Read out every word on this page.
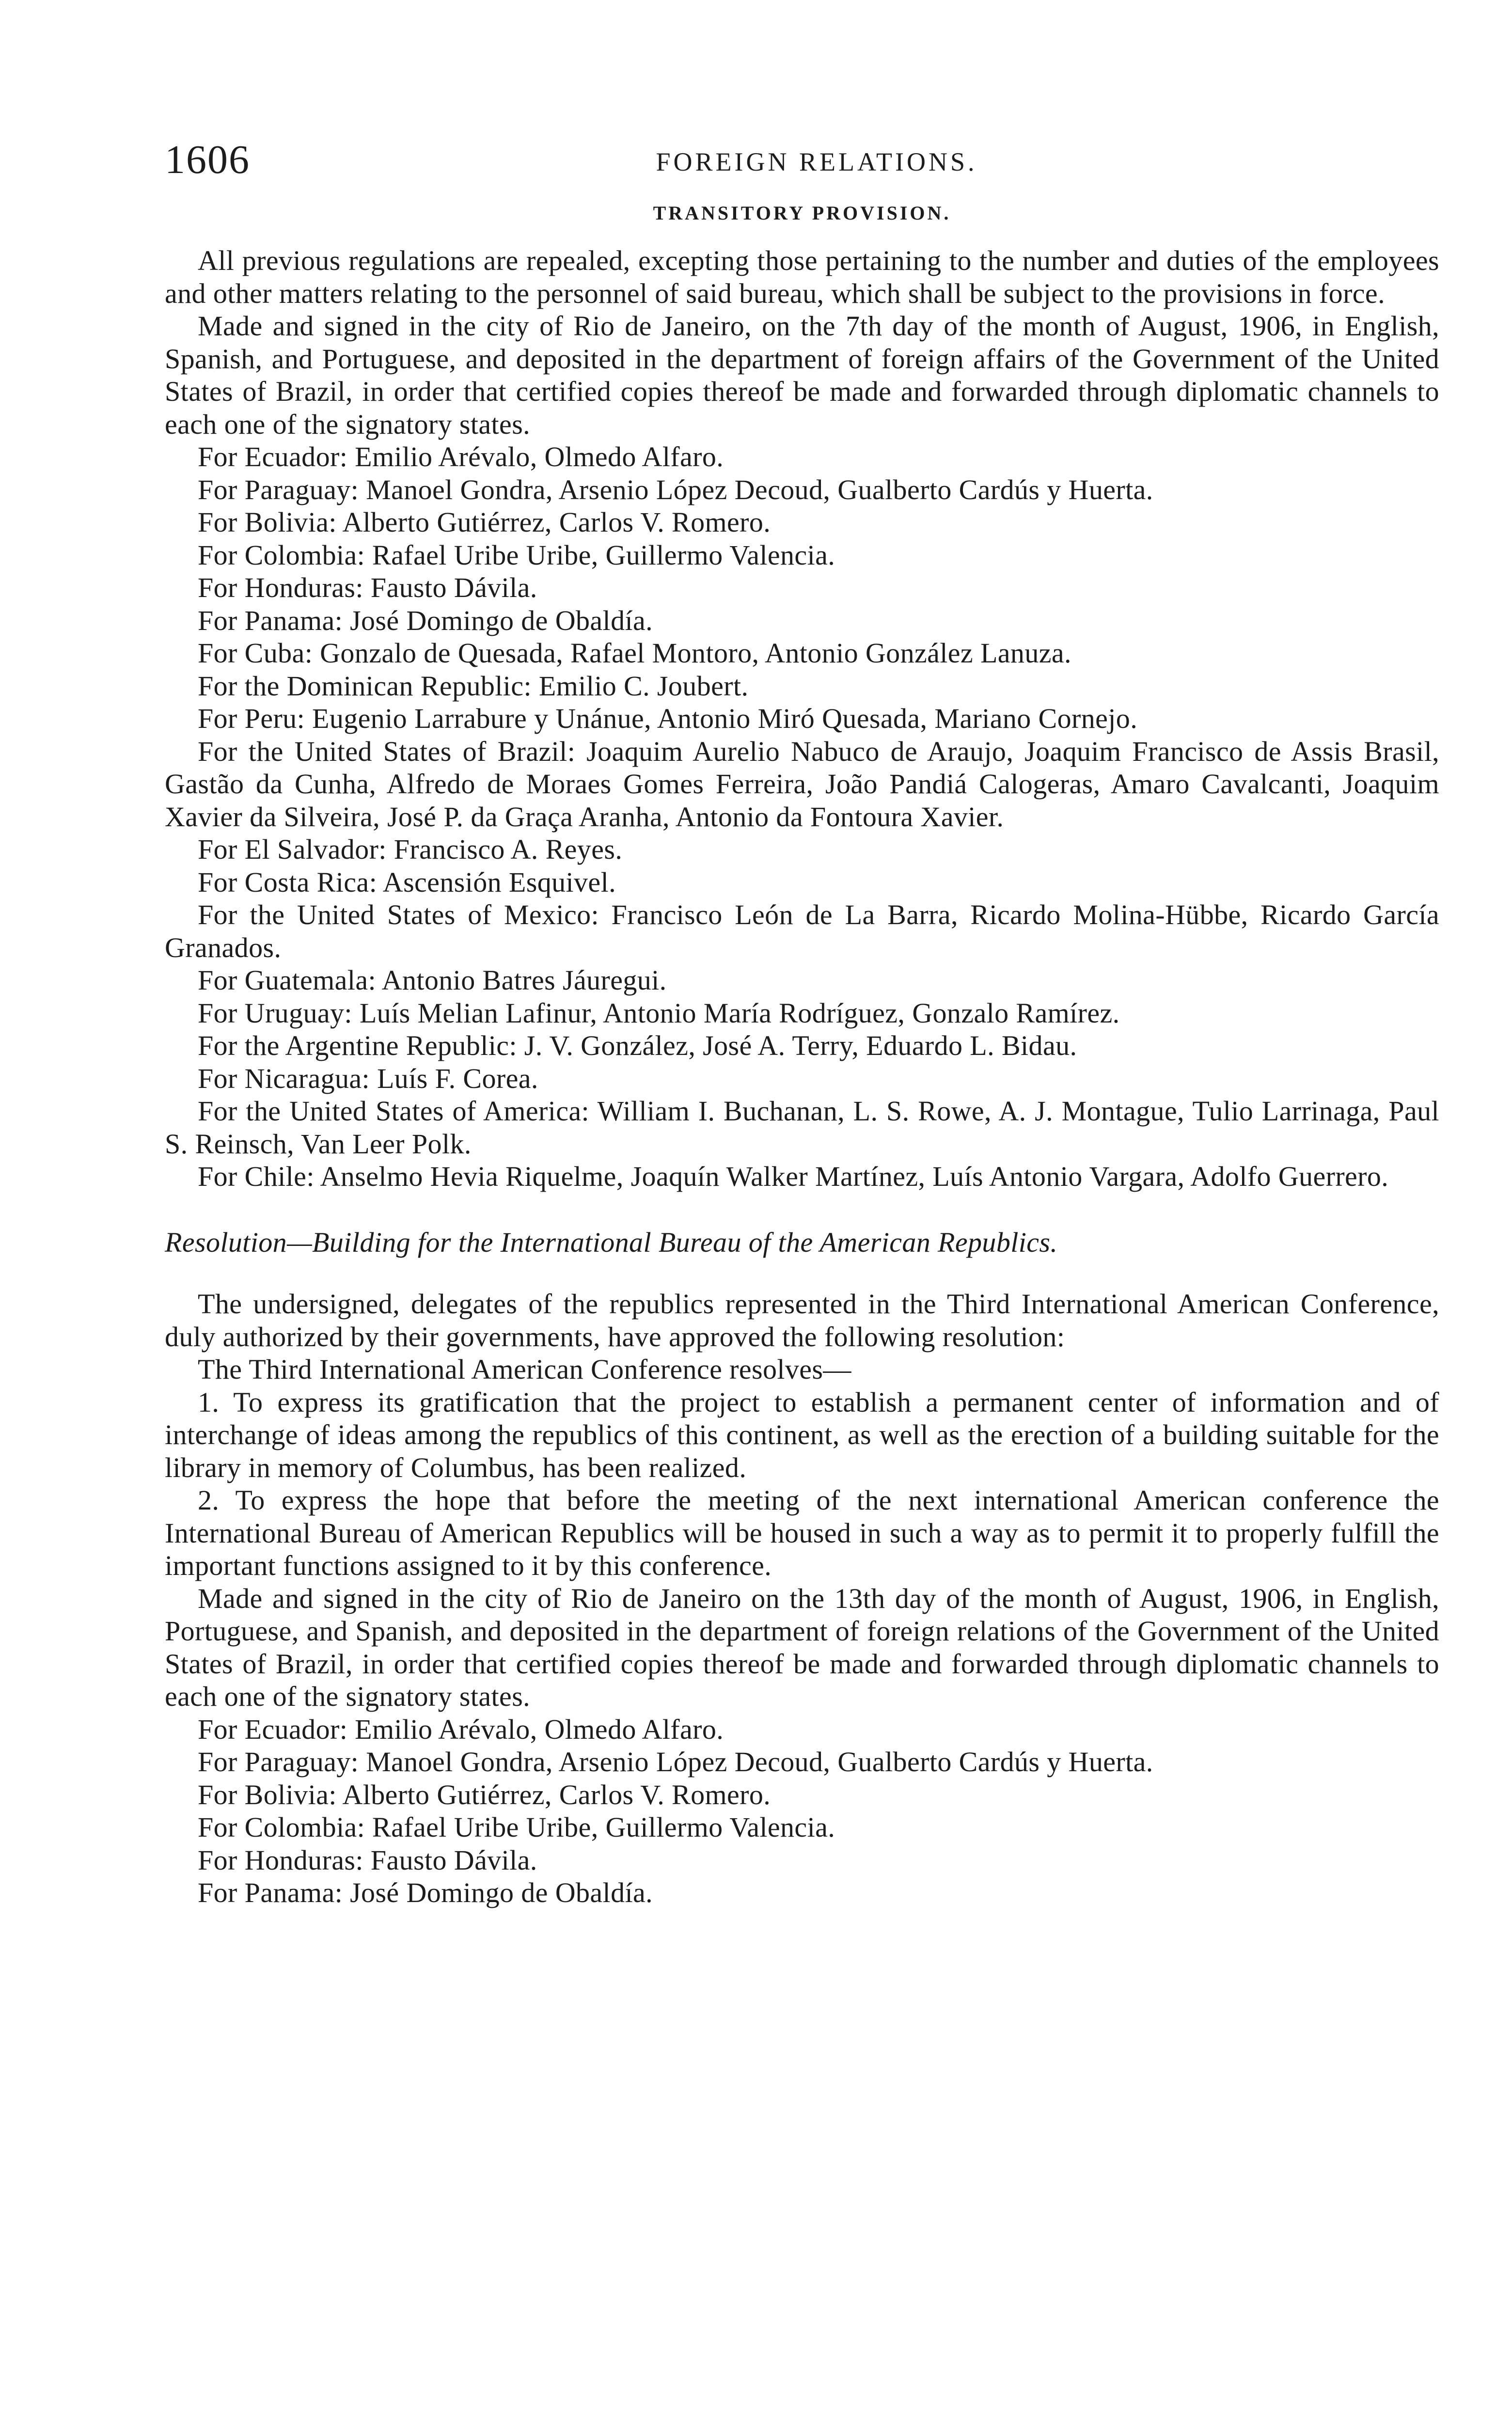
1606	FOREIGN RELATIONS.
TRANSITORY PROVISION.

All previous regulations are repealed, excepting those pertaining to the number and duties of the employees and other matters relating to the personnel of said bureau, which shall be subject to the provisions in force.

Made and signed in the city of Rio de Janeiro, on the 7th day of the month of August, 1906, in English, Spanish, and Portuguese, and deposited in the department of foreign affairs of the Government of the United States of Brazil, in order that certified copies thereof be made and forwarded through diplomatic channels to each one of the signatory states.

For Ecuador: Emilio Arévalo, Olmedo Alfaro.

For Paraguay: Manoel Gondra, Arsenio López Decoud, Gualberto Cardús y Huerta.

For Bolivia: Alberto Gutiérrez, Carlos V. Romero.

For Colombia: Rafael Uribe Uribe, Guillermo Valencia.

For Honduras: Fausto Dávila.

For Panama: José Domingo de Obaldía.

For Cuba: Gonzalo de Quesada, Rafael Montoro, Antonio González Lanuza.

For the Dominican Republic: Emilio C. Joubert.

For Peru: Eugenio Larrabure y Unánue, Antonio Miró Quesada, Mariano Cornejo.

For the United States of Brazil: Joaquim Aurelio Nabuco de Araujo, Joaquim Francisco de Assis Brasil, Gastão da Cunha, Alfredo de Moraes Gomes Ferreira, João Pandiá Calogeras, Amaro Cavalcanti, Joaquim Xavier da Silveira, José P. da Graça Aranha, Antonio da Fontoura Xavier.

For El Salvador: Francisco A. Reyes.

For Costa Rica: Ascensión Esquivel.

For the United States of Mexico: Francisco León de La Barra, Ricardo Molina-Hübbe, Ricardo García Granados.

For Guatemala: Antonio Batres Jáuregui.

For Uruguay: Luís Melian Lafinur, Antonio María Rodríguez, Gonzalo Ramírez.

For the Argentine Republic: J. V. González, José A. Terry, Eduardo L. Bidau.

For Nicaragua: Luís F. Corea.

For the United States of America: William I. Buchanan, L. S. Rowe, A. J. Montague, Tulio Larrinaga, Paul S. Reinsch, Van Leer Polk.

For Chile: Anselmo Hevia Riquelme, Joaquín Walker Martínez, Luís Antonio Vargara, Adolfo Guerrero.

Resolution—Building for the International Bureau of the American Republics.

The undersigned, delegates of the republics represented in the Third International American Conference, duly authorized by their governments, have approved the following resolution:

The Third International American Conference resolves—

1. To express its gratification that the project to establish a permanent center of information and of interchange of ideas among the republics of this continent, as well as the erection of a building suitable for the library in memory of Columbus, has been realized.

2. To express the hope that before the meeting of the next international American conference the International Bureau of American Republics will be housed in such a way as to permit it to properly fulfill the important functions assigned to it by this conference.

Made and signed in the city of Rio de Janeiro on the 13th day of the month of August, 1906, in English, Portuguese, and Spanish, and deposited in the department of foreign relations of the Government of the United States of Brazil, in order that certified copies thereof be made and forwarded through diplomatic channels to each one of the signatory states.

For Ecuador: Emilio Arévalo, Olmedo Alfaro.

For Paraguay: Manoel Gondra, Arsenio López Decoud, Gualberto Cardús y Huerta.

For Bolivia: Alberto Gutiérrez, Carlos V. Romero.

For Colombia: Rafael Uribe Uribe, Guillermo Valencia.

For Honduras: Fausto Dávila.

For Panama: José Domingo de Obaldía.
